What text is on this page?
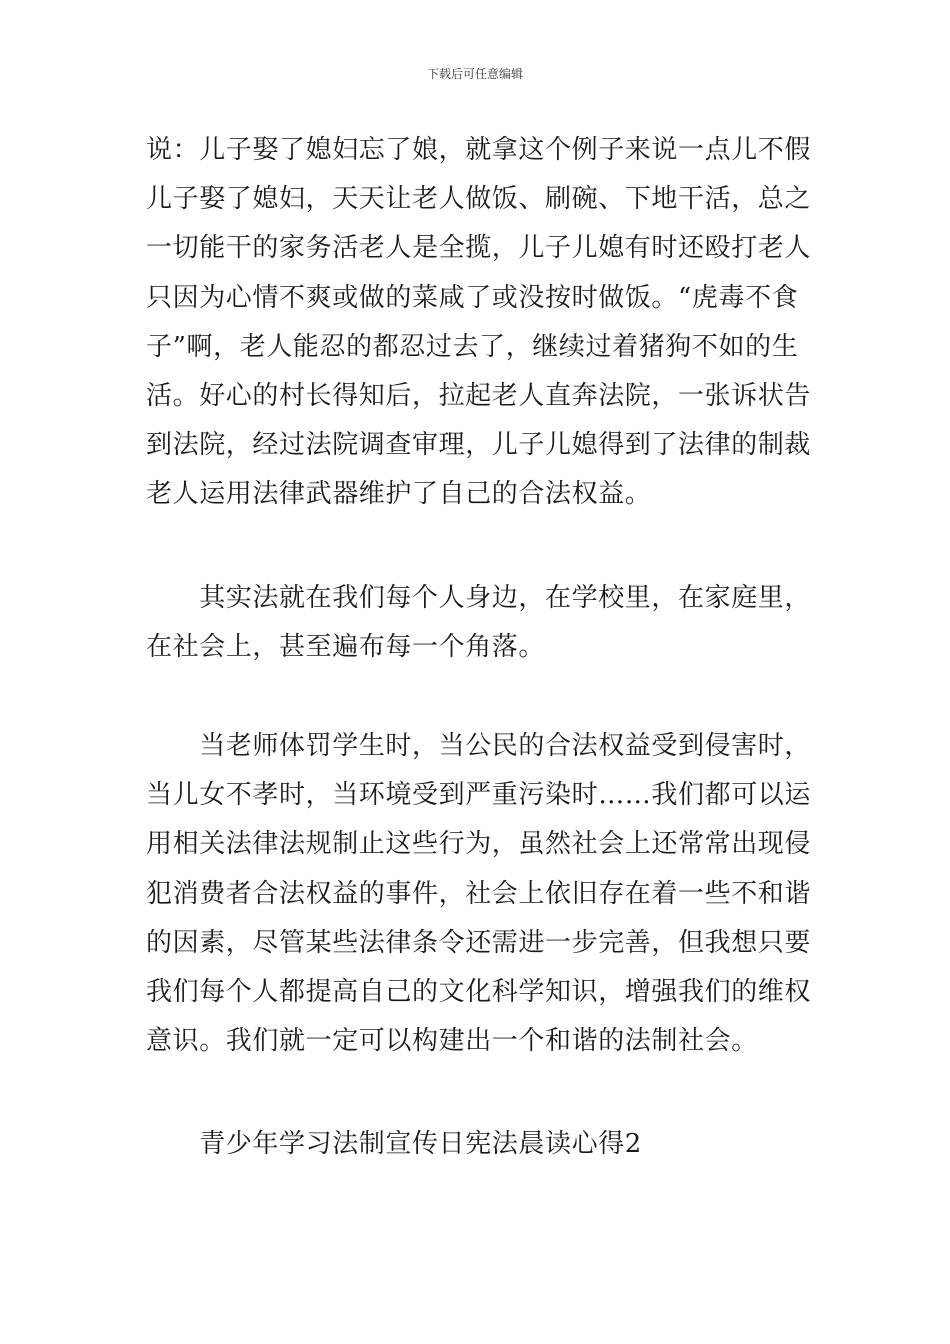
下载后可任意编辑
说：儿子娶了媳妇忘了娘，就拿这个例子来说一点儿不假
儿子娶了媳妇，天天让老人做饭、刷碗、下地干活，总之
一切能干的家务活老人是全揽，儿子儿媳有时还殴打老人
只因为心情不爽或做的菜咸了或没按时做饭。“虎毒不食
子”啊，老人能忍的都忍过去了，继续过着猪狗不如的生
活。好心的村长得知后，拉起老人直奔法院，一张诉状告
到法院，经过法院调查审理，儿子儿媳得到了法律的制裁
老人运用法律武器维护了自己的合法权益。
　　其实法就在我们每个人身边，在学校里，在家庭里，
在社会上，甚至遍布每一个角落。
　　当老师体罚学生时，当公民的合法权益受到侵害时，
当儿女不孝时，当环境受到严重污染时……我们都可以运
用相关法律法规制止这些行为，虽然社会上还常常出现侵
犯消费者合法权益的事件，社会上依旧存在着一些不和谐
的因素，尽管某些法律条令还需进一步完善，但我想只要
我们每个人都提高自己的文化科学知识，增强我们的维权
意识。我们就一定可以构建出一个和谐的法制社会。
　　青少年学习法制宣传日宪法晨读心得2
